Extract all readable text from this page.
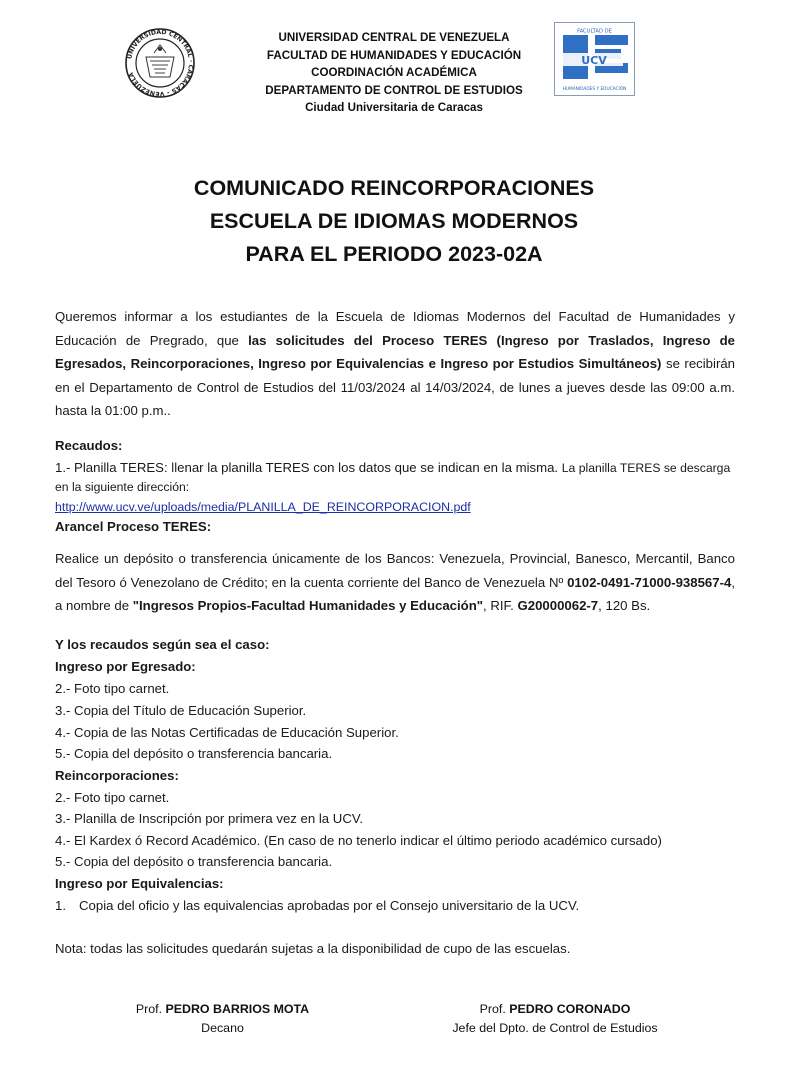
UNIVERSIDAD CENTRAL · CARACAS - VENEZUELA
UNIVERSIDAD CENTRAL DE VENEZUELA
FACULTAD DE HUMANIDADES Y EDUCACIÓN
COORDINACIÓN ACADÉMICA
DEPARTAMENTO DE CONTROL DE ESTUDIOS
Ciudad Universitaria de Caracas
FACULTAD DE
UCV
HUMANIDADES Y EDUCACIÓN
COMUNICADO REINCORPORACIONES
ESCUELA DE IDIOMAS MODERNOS
PARA EL PERIODO 2023-02A
Queremos informar a los estudiantes de la Escuela de Idiomas Modernos del Facultad de Humanidades y Educación de Pregrado, que las solicitudes del Proceso TERES (Ingreso por Traslados, Ingreso de Egresados, Reincorporaciones, Ingreso por Equivalencias e Ingreso por Estudios Simultáneos) se recibirán en el Departamento de Control de Estudios del 11/03/2024 al 14/03/2024, de lunes a jueves desde las 09:00 a.m. hasta la 01:00 p.m..
Recaudos:
1.- Planilla TERES: llenar la planilla TERES con los datos que se indican en la misma. La planilla TERES se descarga
en la siguiente dirección:
http://www.ucv.ve/uploads/media/PLANILLA_DE_REINCORPORACION.pdf
Arancel Proceso TERES:
Realice un depósito o transferencia únicamente de los Bancos: Venezuela, Provincial, Banesco, Mercantil, Banco del Tesoro ó Venezolano de Crédito; en la cuenta corriente del Banco de Venezuela Nº 0102-0491-71000-938567-4, a nombre de "Ingresos Propios-Facultad Humanidades y Educación", RIF. G20000062-7, 120 Bs.
Y los recaudos según sea el caso:
Ingreso por Egresado:
2.- Foto tipo carnet.
3.- Copia del Título de Educación Superior.
4.- Copia de las Notas Certificadas de Educación Superior.
5.- Copia del depósito o transferencia bancaria.
Reincorporaciones:
2.- Foto tipo carnet.
3.- Planilla de Inscripción por primera vez en la UCV.
4.- El Kardex ó Record Académico. (En caso de no tenerlo indicar el último periodo académico cursado)
5.- Copia del depósito o transferencia bancaria.
Ingreso por Equivalencias:
1. Copia del oficio y las equivalencias aprobadas por el Consejo universitario de la UCV.
Nota: todas las solicitudes quedarán sujetas a la disponibilidad de cupo de las escuelas.
Prof. PEDRO BARRIOS MOTA
Decano
Prof. PEDRO CORONADO
Jefe del Dpto. de Control de Estudios
